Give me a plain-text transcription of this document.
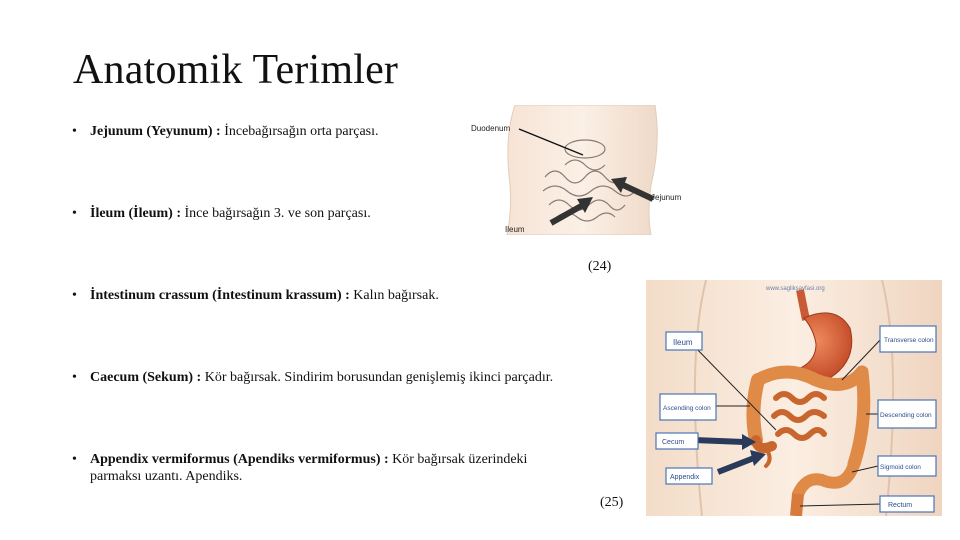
Anatomik Terimler
• Jejunum (Yeyunum) : İncebağırsağın orta parçası.
• İleum (İleum) : İnce bağırsağın 3. ve son parçası.
• İntestinum crassum (İntestinum krassum) : Kalın bağırsak.
• Caecum (Sekum) : Kör bağırsak. Sindirim borusundan genişlemiş ikinci parçadır.
• Appendix vermiformus (Apendiks vermiformus) : Kör bağırsak üzerindeki
parmaksı uzantı. Apendiks.
(24)
(25)
Duodenum
Jejunum
Ileum
www.sagliksayfasi.org
Ileum	Transverse colon
Ascending colon
Descending colon
Cecum
Sigmoid colon
Appendix
Rectum
